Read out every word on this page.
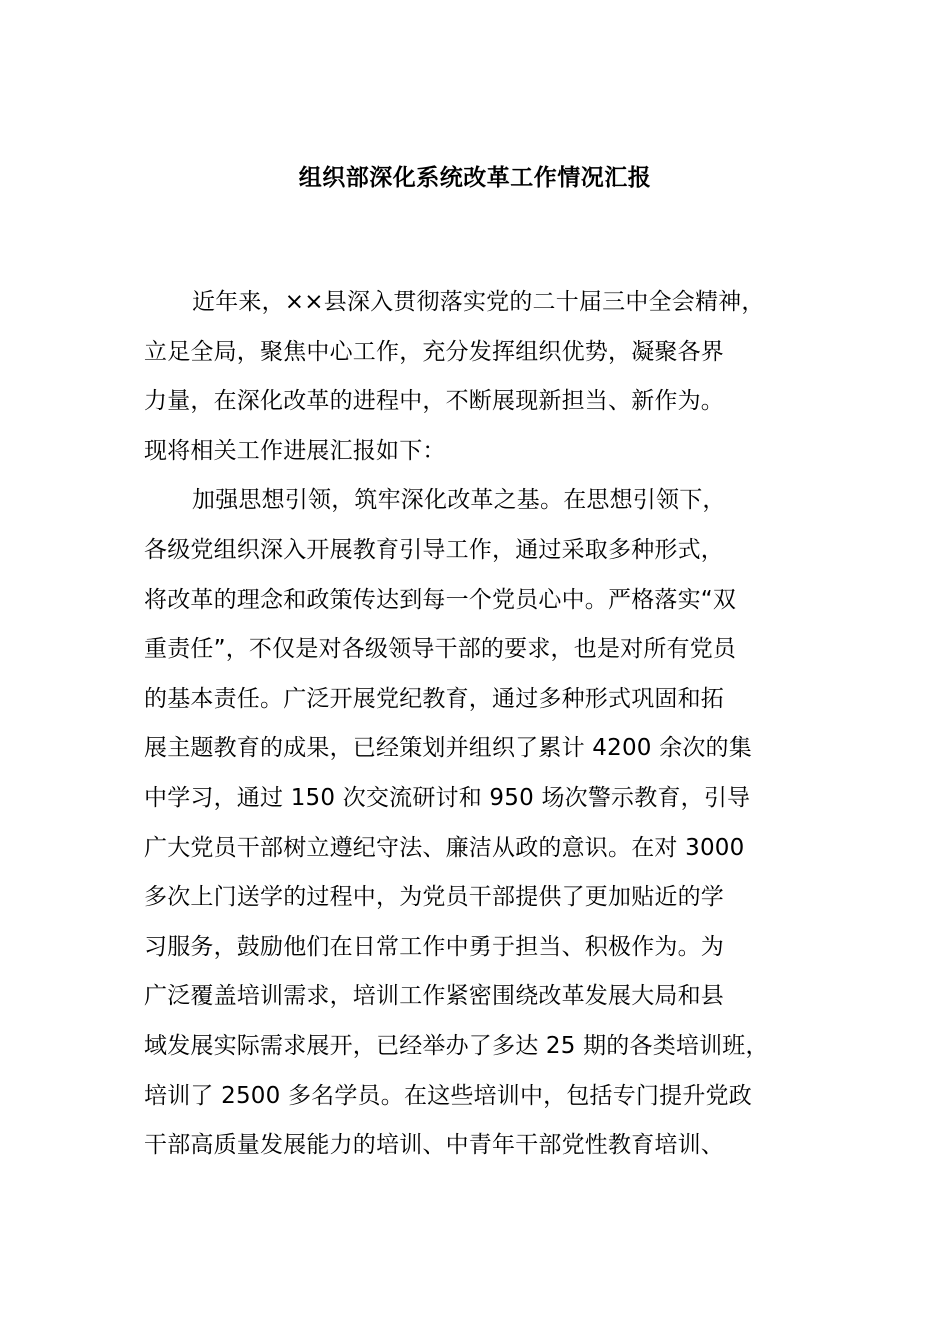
组织部深化系统改革工作情况汇报
近年来，××县深入贯彻落实党的二十届三中全会精神，
立足全局，聚焦中心工作，充分发挥组织优势，凝聚各界
力量，在深化改革的进程中，不断展现新担当、新作为。
现将相关工作进展汇报如下：
加强思想引领，筑牢深化改革之基。在思想引领下，
各级党组织深入开展教育引导工作，通过采取多种形式，
将改革的理念和政策传达到每一个党员心中。严格落实“双
重责任”，不仅是对各级领导干部的要求，也是对所有党员
的基本责任。广泛开展党纪教育，通过多种形式巩固和拓
展主题教育的成果，已经策划并组织了累计 4200 余次的集
中学习，通过 150 次交流研讨和 950 场次警示教育，引导
广大党员干部树立遵纪守法、廉洁从政的意识。在对 3000
多次上门送学的过程中，为党员干部提供了更加贴近的学
习服务，鼓励他们在日常工作中勇于担当、积极作为。为
广泛覆盖培训需求，培训工作紧密围绕改革发展大局和县
域发展实际需求展开，已经举办了多达 25 期的各类培训班，
培训了 2500 多名学员。在这些培训中，包括专门提升党政
干部高质量发展能力的培训、中青年干部党性教育培训、
